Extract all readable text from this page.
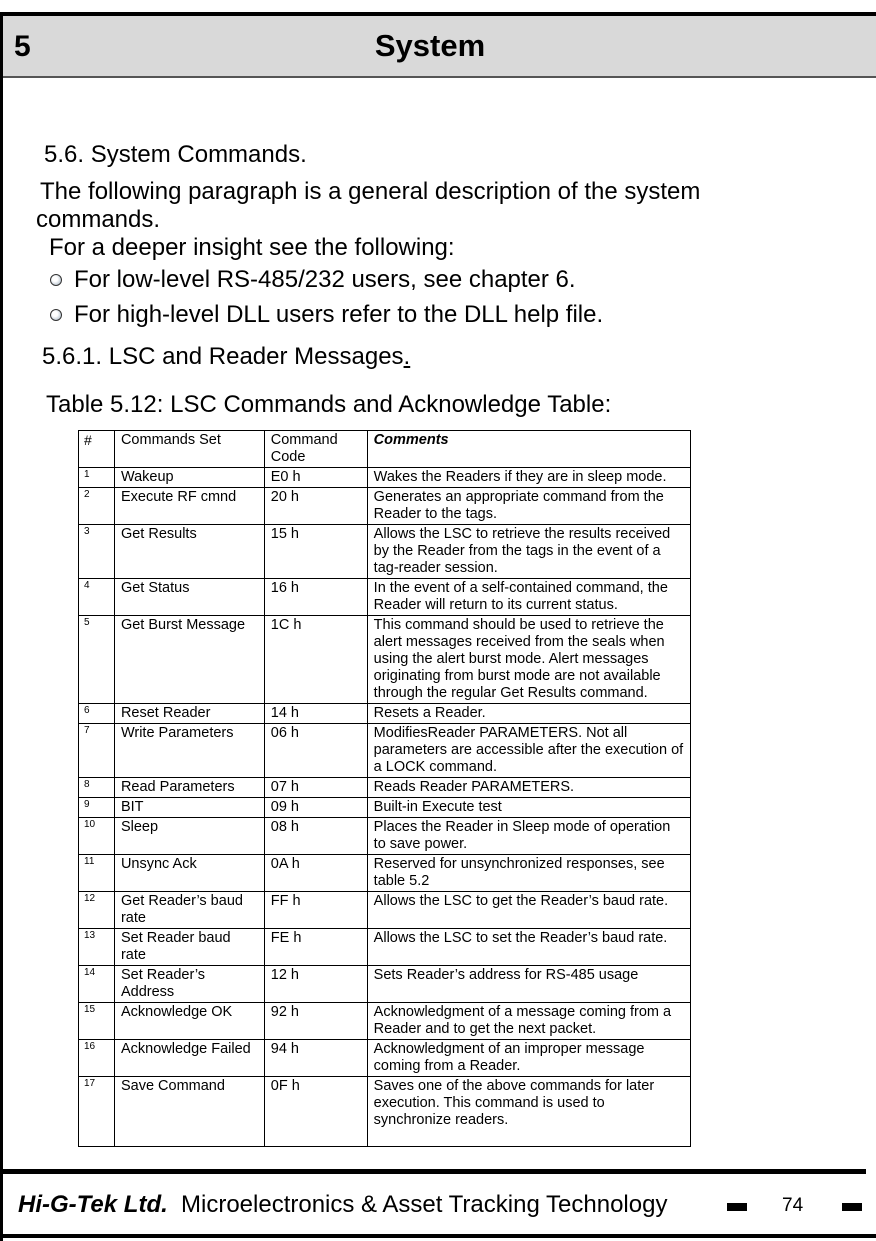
5	System
5.6. System Commands.
The following paragraph is a general description of the system commands.
For a deeper insight see the following:
For low-level RS-485/232 users, see chapter 6.
For high-level DLL users refer to the DLL help file.
5.6.1. LSC and Reader Messages.
Table 5.12: LSC Commands and Acknowledge Table:
#	Commands Set	Command Code	Comments
1	Wakeup	E0 h	Wakes the Readers if they are in sleep mode.
2	Execute RF cmnd	20 h	Generates an appropriate command from the Reader to the tags.
3	Get Results	15 h	Allows the LSC to retrieve the results received by the Reader from the tags in the event of a tag-reader session.
4	Get Status	16 h	In the event of a self-contained command, the Reader will return to its current status.
5	Get Burst Message	1C h	This command should be used to retrieve the alert messages received from the seals when using the alert burst mode. Alert messages originating from burst mode are not available through the regular Get Results command.
6	Reset Reader	14 h	Resets a Reader.
7	Write Parameters	06 h	ModifiesReader PARAMETERS. Not all parameters are accessible after the execution of a LOCK command.
8	Read Parameters	07 h	Reads Reader PARAMETERS.
9	BIT	09 h	Built-in Execute test
10	Sleep	08 h	Places the Reader in Sleep mode of operation to save power.
11	Unsync Ack	0A h	Reserved for unsynchronized responses, see table 5.2
12	Get Reader’s baud rate	FF h	Allows the LSC to get the Reader’s baud rate.
13	Set Reader baud rate	FE h	Allows the LSC to set the Reader’s baud rate.
14	Set Reader’s Address	12 h	Sets Reader’s address for RS-485 usage
15	Acknowledge OK	92 h	Acknowledgment of a message coming from a Reader and to get the next packet.
16	Acknowledge Failed	94 h	Acknowledgment of an improper message coming from a Reader.
17	Save Command	0F h	Saves one of the above commands for later execution. This command is used to synchronize readers.
Hi-G-Tek Ltd. Microelectronics & Asset Tracking Technology	74
